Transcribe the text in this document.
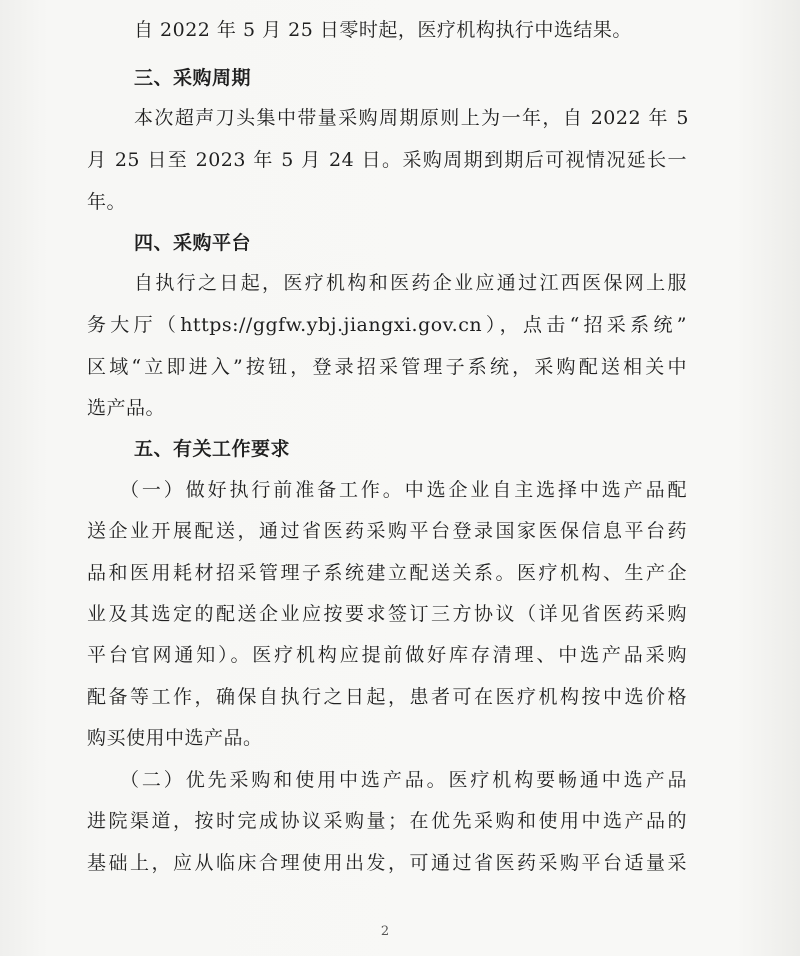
自 2022 年 5 月 25 日零时起，医疗机构执行中选结果。
三、采购周期
本次超声刀头集中带量采购周期原则上为一年，自 2022 年 5
月 25 日至 2023 年 5 月 24 日。采购周期到期后可视情况延长一
年。
四、采购平台
自执行之日起，医疗机构和医药企业应通过江西医保网上服
务大厅（https://ggfw.ybj.jiangxi.gov.cn），点击“招采系统”
区域“立即进入”按钮，登录招采管理子系统，采购配送相关中
选产品。
五、有关工作要求
（一）做好执行前准备工作。中选企业自主选择中选产品配
送企业开展配送，通过省医药采购平台登录国家医保信息平台药
品和医用耗材招采管理子系统建立配送关系。医疗机构、生产企
业及其选定的配送企业应按要求签订三方协议（详见省医药采购
平台官网通知）。医疗机构应提前做好库存清理、中选产品采购
配备等工作，确保自执行之日起，患者可在医疗机构按中选价格
购买使用中选产品。
（二）优先采购和使用中选产品。医疗机构要畅通中选产品
进院渠道，按时完成协议采购量；在优先采购和使用中选产品的
基础上，应从临床合理使用出发，可通过省医药采购平台适量采
2
